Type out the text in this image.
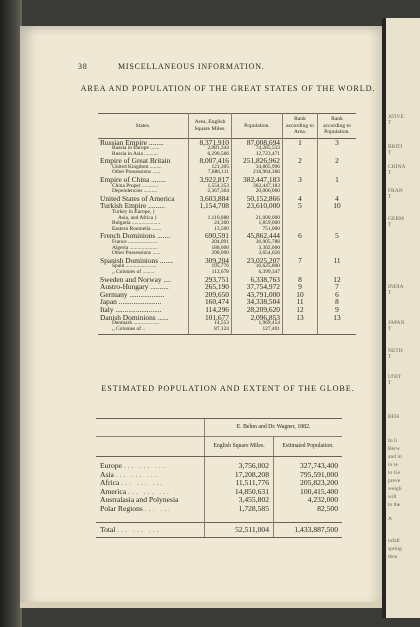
ATIVE
T
BRITI
T
CHINA
T
FRAN
T
GERM
T
INDIA
T
JAPAN
T
NETH
T
UNIT
T
BEH
In li
Berw
and in
in re
to Ge
preve
weigh
will
to the
A
infall
spring
thea
38	MISCELLANEOUS INFORMATION.
AREA AND POPULATION OF THE GREAT STATES OF THE WORLD.
States.	Area, English Square Miles.	Population.	Rank according to Area.	Rank according to Population.
Russian Empire ........	8,371,910	87,008,694	1	3
Russia in Europe .......	2,081,344	74,285,533		
Russia in Asia ..........	6,290,566	12,723,471		
Empire of Great Britain	8,007,416	251,826,962	2	2
United Kingdom .........	121,305	34,865,996		
Other Possessions ......	7,886,111	216,964,366		
Empire of China ........	3,922,817	382,447,183	3	1
China Proper ............	1,554,353	362,447,183		
Dependencies ..........	2,367,364	20,000,000		
United States of America	3,603,884	50,152,866	4	4
Turkish Empire .........	1,154,708	23,610,000	5	10
Turkey in Europe, }				
Asia, and Africa }	1,110,888	21,000,000		
Bulgaria .....................	24,360	1,859,000		
Eastern Roumelia .......	13,500	751,000		
French Dominions .......	690,591	45,862,444	6	5
France ......................	204,091	36,905,788		
Algeria .....................	188,000	3,302,000		
Other Possessions ......	298,000	3,654,656		
Spanish Dominions .......	309,204	23,025,207	7	11
Spain .......................	195,776	16,625,860		
,, Colonies of .........	112,678	6,399,347		
Sweden and Norway ....	293,751	6,338,763	8	12
Austro-Hungary ..........	265,190	37,754,972	9	7
Germany ...................	209,650	43,791,000	10	6
Japan .......................	160,474	34,338,504	11	8
Italy .........................	114,296	28,209,620	12	9
Danish Dominions ......	101,677	2,096,853	13	13
Denmark ...................	14,553	1,969,454		
,, Colonies of ..	87,124	127,401		
ESTIMATED POPULATION AND EXTENT OF THE GLOBE.
	E. Behm and Dr. Wagner, 1882.	
	English Square Miles.	Estimated Population.
Europe ... ... ...	3,756,002	327,743,400
Asia ... ... ...	17,208,208	795,591,000
Africa ... ... ...	11,511,776	205,823,200
America ... ... ...	14,850,631	100,415,400
Australasia and Polynesia	3,455,802	4,232,000
Polar Regions ... ...	1,728,585	82,500
Total ... ... ...	52,511,004	1,433,887,500
